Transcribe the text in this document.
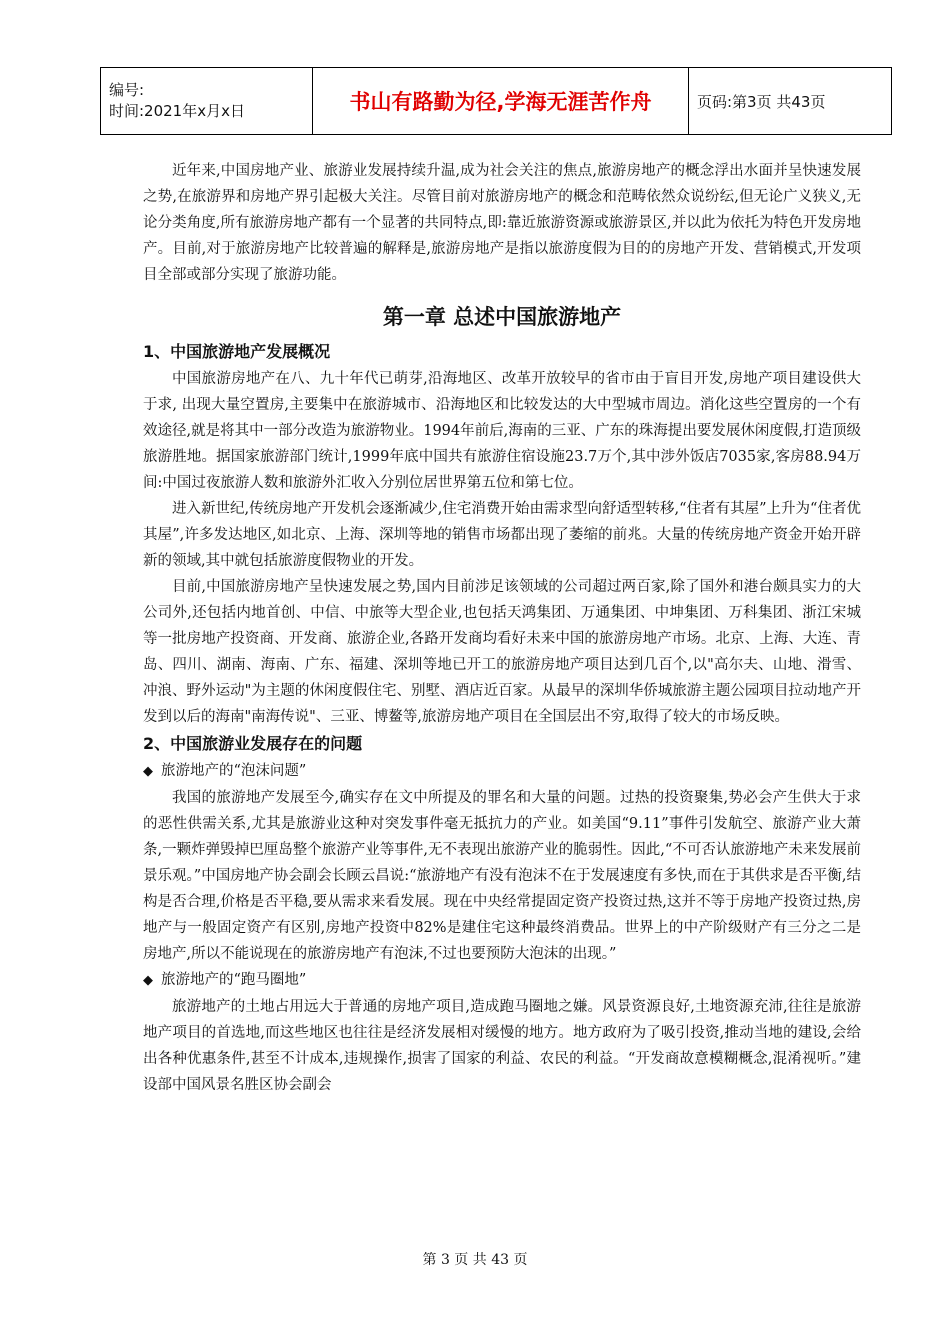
编号:
时间:2021年x月x日	书山有路勤为径,学海无涯苦作舟	页码:第3页 共43页

近年来,中国房地产业、旅游业发展持续升温,成为社会关注的焦点,旅游房地产的概念浮出水面并呈快速发展之势,在旅游界和房地产界引起极大关注。尽管目前对旅游房地产的概念和范畴依然众说纷纭,但无论广义狭义,无论分类角度,所有旅游房地产都有一个显著的共同特点,即:靠近旅游资源或旅游景区,并以此为依托为特色开发房地产。目前,对于旅游房地产比较普遍的解释是,旅游房地产是指以旅游度假为目的的房地产开发、营销模式,开发项目全部或部分实现了旅游功能。

第一章 总述中国旅游地产
1、中国旅游地产发展概况

中国旅游房地产在八、九十年代已萌芽,沿海地区、改革开放较早的省市由于盲目开发,房地产项目建设供大于求, 出现大量空置房,主要集中在旅游城市、沿海地区和比较发达的大中型城市周边。消化这些空置房的一个有效途径,就是将其中一部分改造为旅游物业。1994年前后,海南的三亚、广东的珠海提出要发展休闲度假,打造顶级旅游胜地。据国家旅游部门统计,1999年底中国共有旅游住宿设施23.7万个,其中涉外饭店7035家,客房88.94万间:中国过夜旅游人数和旅游外汇收入分别位居世界第五位和第七位。

进入新世纪,传统房地产开发机会逐渐减少,住宅消费开始由需求型向舒适型转移,“住者有其屋”上升为“住者优其屋”,许多发达地区,如北京、上海、深圳等地的销售市场都出现了萎缩的前兆。大量的传统房地产资金开始开辟新的领域,其中就包括旅游度假物业的开发。

目前,中国旅游房地产呈快速发展之势,国内目前涉足该领域的公司超过两百家,除了国外和港台颇具实力的大公司外,还包括内地首创、中信、中旅等大型企业,也包括天鸿集团、万通集团、中坤集团、万科集团、浙江宋城等一批房地产投资商、开发商、旅游企业,各路开发商均看好未来中国的旅游房地产市场。北京、上海、大连、青岛、四川、湖南、海南、广东、福建、深圳等地已开工的旅游房地产项目达到几百个,以"高尔夫、山地、滑雪、冲浪、野外运动"为主题的休闲度假住宅、别墅、酒店近百家。从最早的深圳华侨城旅游主题公园项目拉动地产开发到以后的海南"南海传说"、三亚、博鳌等,旅游房地产项目在全国层出不穷,取得了较大的市场反映。

2、中国旅游业发展存在的问题
◆ 旅游地产的“泡沫问题”

我国的旅游地产发展至今,确实存在文中所提及的罪名和大量的问题。过热的投资聚集,势必会产生供大于求的恶性供需关系,尤其是旅游业这种对突发事件毫无抵抗力的产业。如美国“9.11”事件引发航空、旅游产业大萧条,一颗炸弹毁掉巴厘岛整个旅游产业等事件,无不表现出旅游产业的脆弱性。因此,“不可否认旅游地产未来发展前景乐观。”中国房地产协会副会长顾云昌说:“旅游地产有没有泡沫不在于发展速度有多快,而在于其供求是否平衡,结构是否合理,价格是否平稳,要从需求来看发展。现在中央经常提固定资产投资过热,这并不等于房地产投资过热,房地产与一般固定资产有区别,房地产投资中82%是建住宅这种最终消费品。世界上的中产阶级财产有三分之二是房地产,所以不能说现在的旅游房地产有泡沫,不过也要预防大泡沫的出现。”

◆ 旅游地产的“跑马圈地”

旅游地产的土地占用远大于普通的房地产项目,造成跑马圈地之嫌。风景资源良好,土地资源充沛,往往是旅游地产项目的首选地,而这些地区也往往是经济发展相对缓慢的地方。地方政府为了吸引投资,推动当地的建设,会给出各种优惠条件,甚至不计成本,违规操作,损害了国家的利益、农民的利益。“开发商故意模糊概念,混淆视听。”建设部中国风景名胜区协会副会

第 3 页 共 43 页
